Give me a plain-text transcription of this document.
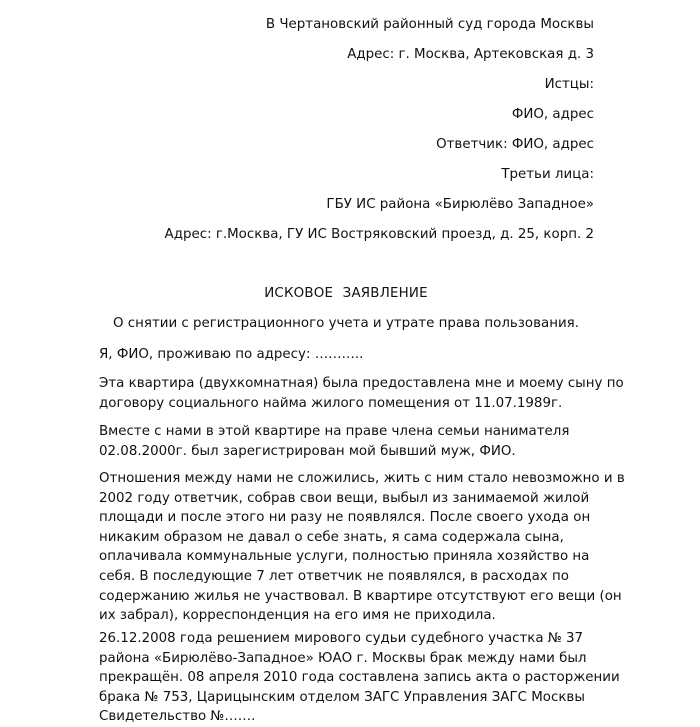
В Чертановский районный суд города Москвы
Адрес: г. Москва, Артековская д. 3
Истцы:
ФИО, адрес
Ответчик: ФИО, адрес
Третьи лица:
ГБУ ИС района «Бирюлёво Западное»
Адрес: г.Москва, ГУ ИС Востряковский проезд, д. 25, корп. 2
ИСКОВОЕ ЗАЯВЛЕНИЕ
О снятии с регистрационного учета и утрате права пользования.
Я, ФИО, проживаю по адресу: ………..
Эта квартира (двухкомнатная) была предоставлена мне и моему сыну по
договору социального найма жилого помещения от 11.07.1989г.
Вместе с нами в этой квартире на праве члена семьи нанимателя
02.08.2000г. был зарегистрирован мой бывший муж, ФИО.
Отношения между нами не сложились, жить с ним стало невозможно и в
2002 году ответчик, собрав свои вещи, выбыл из занимаемой жилой
площади и после этого ни разу не появлялся. После своего ухода он
никаким образом не давал о себе знать, я сама содержала сына,
оплачивала коммунальные услуги, полностью приняла хозяйство на
себя. В последующие 7 лет ответчик не появлялся, в расходах по
содержанию жилья не участвовал. В квартире отсутствуют его вещи (он
их забрал), корреспонденция на его имя не приходила.
26.12.2008 года решением мирового судьи судебного участка № 37
района «Бирюлёво-Западное» ЮАО г. Москвы брак между нами был
прекращён. 08 апреля 2010 года составлена запись акта о расторжении
брака № 753, Царицынским отделом ЗАГС Управления ЗАГС Москвы
Свидетельство №…….
